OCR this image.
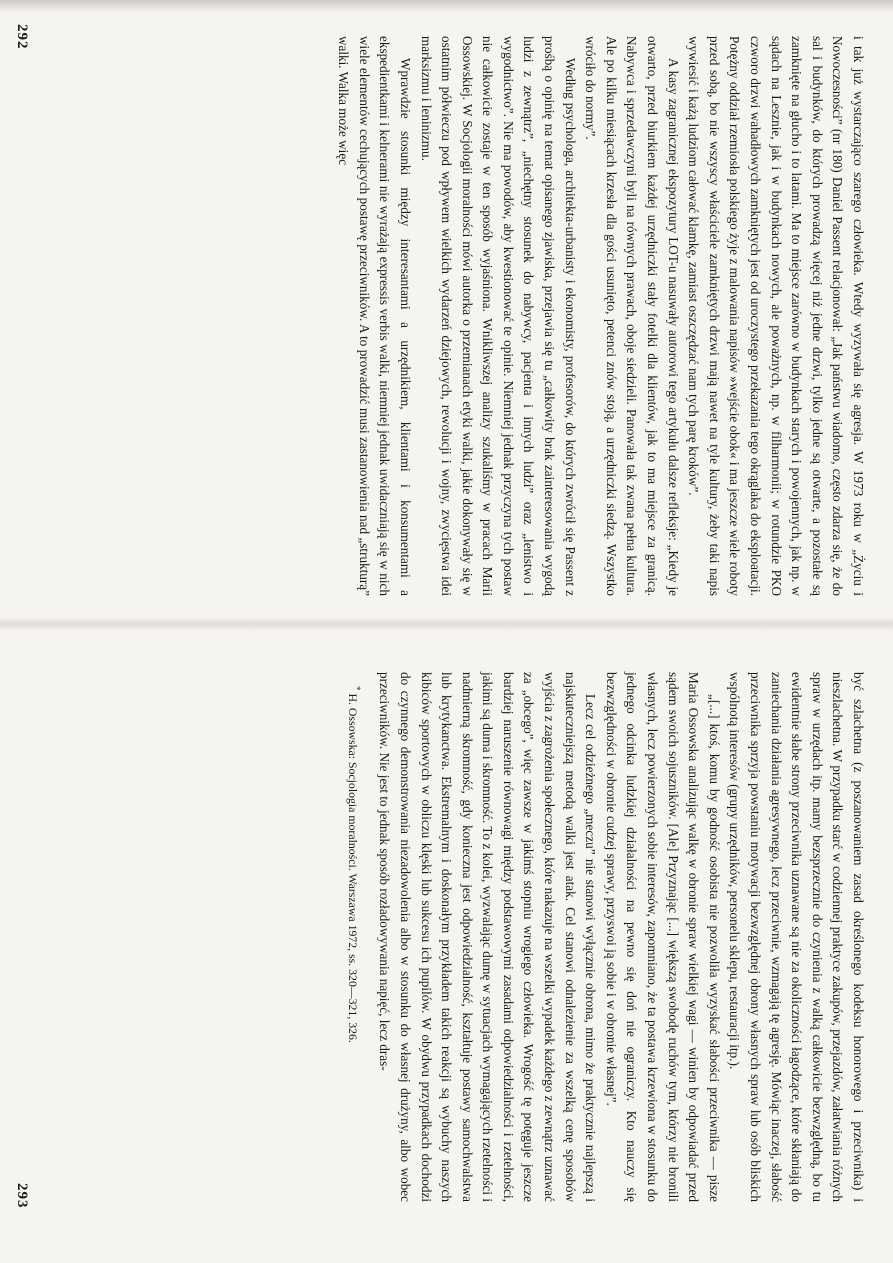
i tak już wystarczająco szarego człowieka. Wtedy wyzywała się agresja. W 1973 roku w „Życiu i Nowoczesności” (nr 180) Daniel Passent relacjonował: „Jak państwu wiadomo, często zdarza się, że do sal i budynków, do których prowadzą więcej niż jedne drzwi, tylko jedne są otwarte, a pozostałe są zamknięte na głucho i to latami. Ma to miejsce zarówno w budynkach starych i powojennych, jak np. w sądach na Lesznie, jak i w budynkach nowych, ale poważnych, np. w filharmonii; w rotundzie PKO czworo drzwi wahadłowych zamkniętych jest od uroczystego przekazania tego okrąglaka do eksploatacji. Potężny oddział rzemiosła polskiego żyje z malowania napisów »wejście obok« i ma jeszcze wiele roboty przed sobą, bo nie wszyscy właściciele zamkniętych drzwi mają nawet na tyle kultury, żeby taki napis wywiesić i każą ludziom całować klamkę, zamiast oszczędzać nam tych parę kroków”.

A kasy zagranicznej ekspozytury LOT-u nasuwały autorowi tego artykułu dalsze refleksje: „Kiedy je otwarto, przed biurkiem każdej urzędniczki stały fotelki dla klientów, jak to ma miejsce za granicą. Nabywca i sprzedawczyni byli na równych prawach, oboje siedzieli. Panowała tak zwana pełna kultura. Ale po kilku miesiącach krzesła dla gości usunięto, petenci znów stoją, a urzędniczki siedzą. Wszystko wróciło do normy”.

Według psychologa, architekta-urbanisty i ekonomisty, profesorów, do których zwrócił się Passent z prośbą o opinię na temat opisanego zjawiska, przejawia się tu „całkowity brak zainteresowania wygodą ludzi z zewnątrz”, „niechętny stosunek do nabywcy, pacjenta i innych ludzi” oraz „lenistwo i wygodnictwo”. Nie ma powodów, aby kwestionować te opinie. Niemniej jednak przyczyna tych postaw nie całkowicie zostaje w ten sposób wyjaśniona. Wnikliwszej analizy szukaliśmy w pracach Marii Ossowskiej. W Socjologii moralności mówi autorka o przemianach etyki walki, jakie dokonywały się w ostatnim półwieczu pod wpływem wielkich wydarzeń dziejowych, rewolucji i wojny, zwycięstwa idei marksizmu i leninizmu.

Wprawdzie stosunki między interesantami a urzędnikiem, klientami i konsumentami a ekspedientkami i kelnerami nie wyrażają expressis verbis walki, niemniej jednak uwidaczniają się w nich wiele elementów cechujących postawę przeciwników. A to prowadzić musi zastanowienia nad „strukturą” walki. Walka może więc

292

być szlachetna (z poszanowaniem zasad określonego kodeksu honorowego i przeciwnika) i nieszlachetna. W przypadku starć w codziennej praktyce zakupów, przejazdów, załatwiania różnych spraw w urzędach itp. mamy bezsprzecznie do czynienia z walką całkowicie bezwzględną, bo tu ewidentnie słabe strony przeciwnika uznawane są nie za okoliczności łagodzące, które skłaniają do zaniechania działania agresywnego, lecz przeciwnie, wzmagają tę agresję. Mówiąc inaczej, słabość przeciwnika sprzyja powstaniu motywacji bezwzględnej obrony własnych spraw lub osób bliskich wspólnotą interesów (grupy urzędników, personelu sklepu, restauracji itp.).

„[...] ktoś, komu by godność osobista nie pozwoliła wyzyskać słabości przeciwnika — pisze Maria Ossowska analizując walkę w obronie spraw wielkiej wagi — winien by odpowiadać przed sądem swoich sojuszników. [Ale] Przyznając [...] większą swobodę ruchów tym, którzy nie bronili własnych, lecz powierzonych sobie interesów, zapomniano, że ta postawa krzewiona w stosunku do jednego odcinka ludzkiej działalności na pewno się doń nie ograniczy. Kto nauczy się bezwzględności w obronie cudzej sprawy, przyswoi ją sobie i w obronie własnej”.

Lecz cel odzieżnego „meczu” nie stanowi wyłącznie obrona, mimo że praktycznie najlepszą i najskuteczniejszą metodą walki jest atak. Cel stanowi odnalezienie za wszelką cenę sposobów wyjścia z zagrożenia społecznego, które nakazuje na wszelki wypadek każdego z zewnątrz uznawać za „obcego”, więc zawsze w jakimś stopniu wrogiego człowieka. Wrogość tę potęguje jeszcze bardziej naruszenie równowagi między podstawowymi zasadami odpowiedzialności i rzetelności, jakimi są duma i skromność. To z kolei, wyzwalając dumę w sytuacjach wymagających rzetelności i nadmierną skromność, gdy konieczna jest odpowiedzialność, kształtuje postawy samochwalstwa lub krytykanctwa. Ekstremalnym i doskonałym przykładem takich reakcji są wybuchy naszych kibiców sportowych w obliczu klęski lub sukcesu ich pupilów. W obydwu przypadkach dochodzi do czynnego demonstrowania niezadowolenia albo w stosunku do własnej drużyny, albo wobec przeciwników. Nie jest to jednak sposób rozładowywania napięć, lecz dras-

* H. Ossowska: Socjologia moralności. Warszawa 1972, ss. 320—321, 326.

293
